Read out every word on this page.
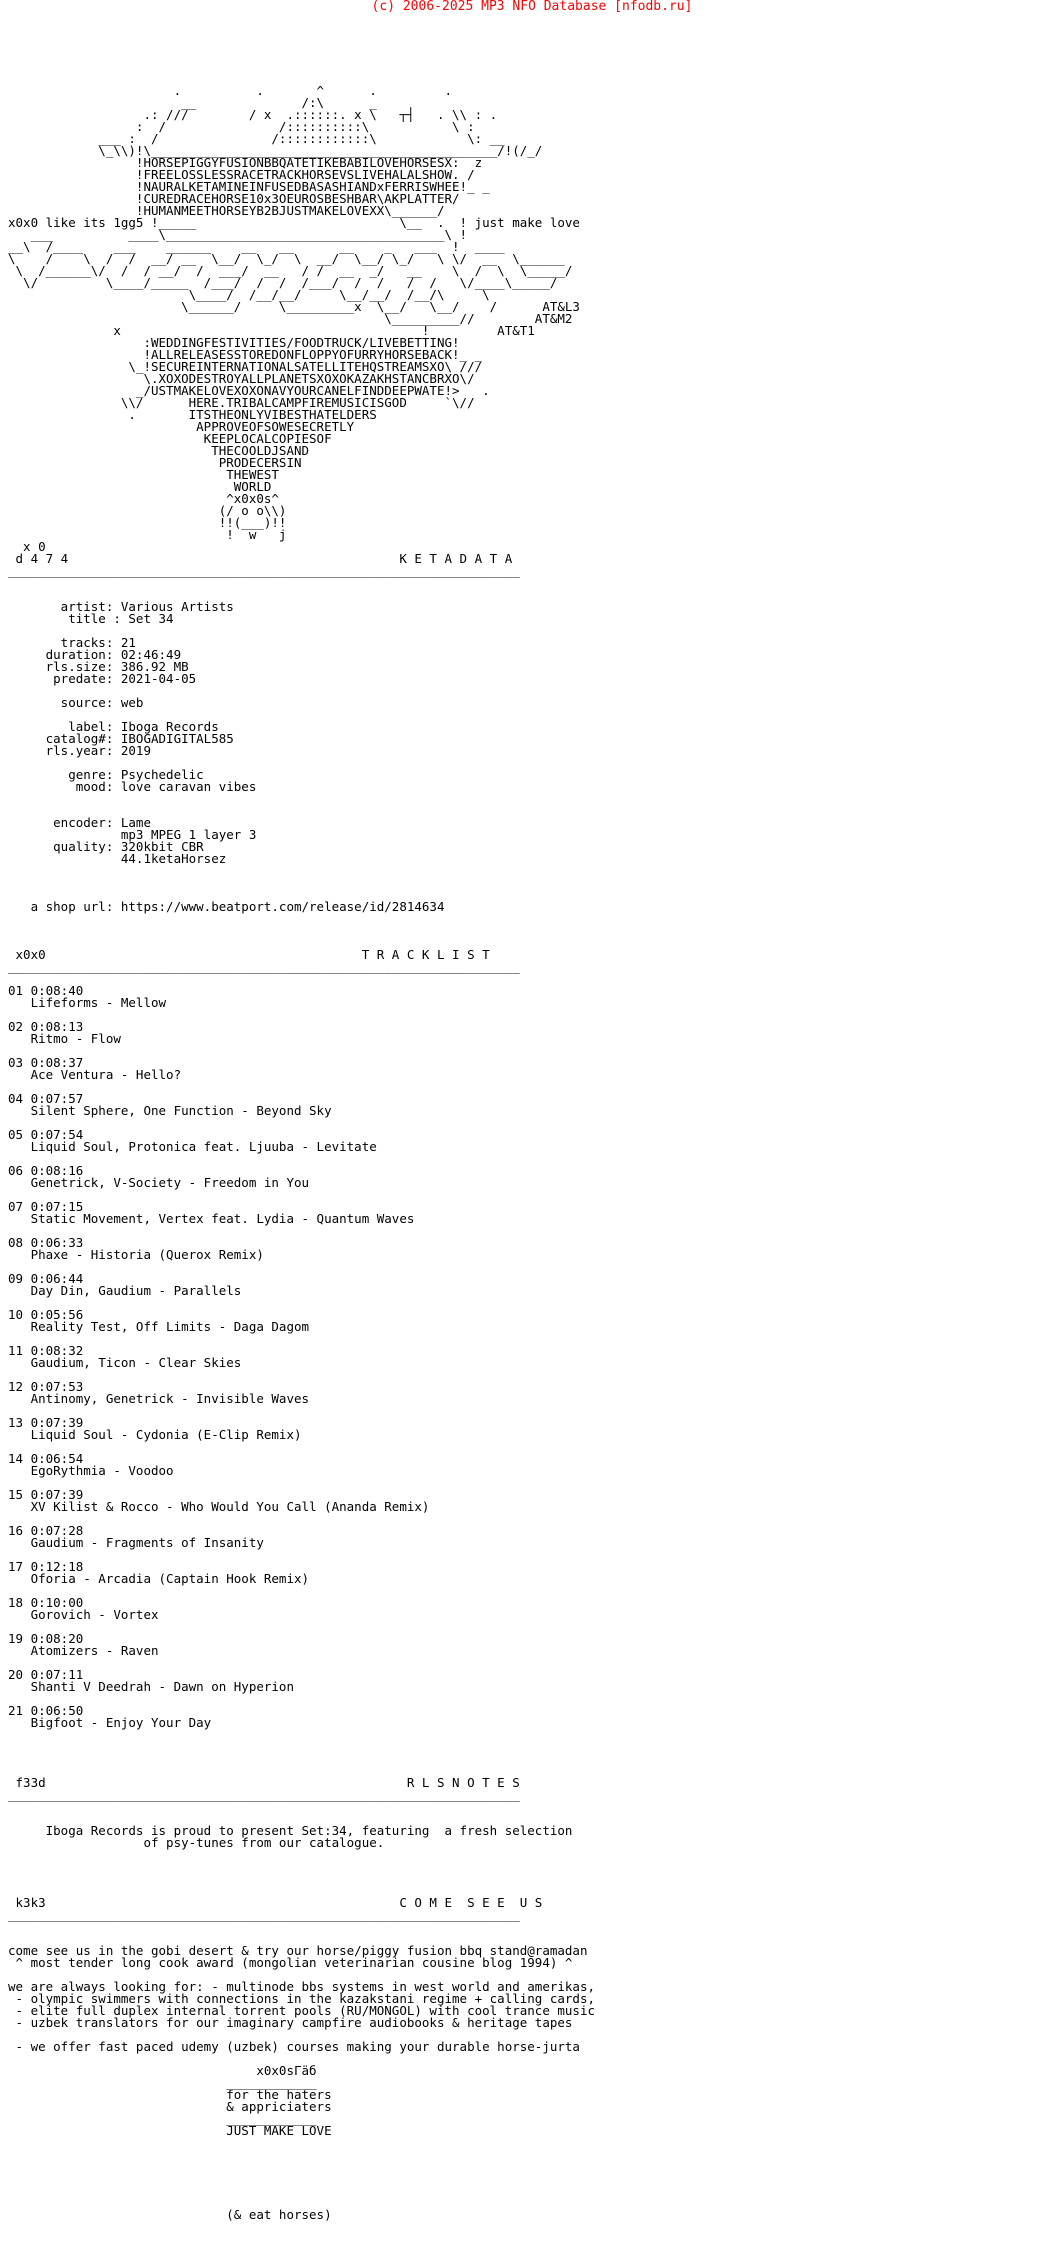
(c) 2006-2025 MP3 NFO Database [nfodb.ru]

.          .       ^      .         .
__              /:\      _
.: ///        / x  .::::::. x \   ┬┤   . \\ : .
:  /               /::::::::::\           \ :
___ :  /               /::::::::::::\            \: __
\_\\)!\______________________________________________/!(/_/
!HORSEPIGGYFUSIONBBQATETIKEBABILOVEHORSESX:  z
!FREELOSSLESSRACETRACKHORSEVSLIVEHALALSHOW. /
!NAURALKETAMINEINFUSEDBASASHIANDxFERRISWHEE!_ _
!CUREDRACEHORSE10x3OEUROSBESHBAR\AKPLATTER/
!HUMANMEETHORSEYB2BJUSTMAKELOVEXX\______/
x0x0 like its 1gg5 !_____                           \__  .  ! just make love
___          ____\_____________________________________\ !
__\  /____    ___    ______    __   __      __    _   ___  !  ____
\    /    \  /  /  __/ __  \__/  \_/  \  __/  \__/ \_/   \ \/  __  \______
\  /______\/  /  / __/  /  ___/  __   / /  __  _/   __    \  /  \  \_____/
\/         \____/_____  /___/  /  /  /___/  /  /   /  /   \/____\_____/
\____/  /__/__/     \__/__/  /__/\     \
\______/     \_________x  \__/   \__/    /      AT&L3
\_________//        AT&M2
x                                        !         AT&T1
:WEDDINGFESTIVITIES/FOODTRUCK/LIVEBETTING!
!ALLRELEASESSTOREDONFLOPPYOFURRYHORSEBACK!_ _
\_!SECUREINTERNATIONALSATELLITEHQSTREAMSXO\ ///
\.XOXODESTROYALLPLANETSXOXOKAZAKHSTANCBRXO\/
_/USTMAKELOVEXOXONAVYOURCANELFINDDEEPWATE!>   .
\\/      HERE.TRIBALCAMPFIREMUSICISGOD     `\//
.       ITSTHEONLYVIBESTHATELDERS
APPROVEOFSOWESECRETLY
KEEPLOCALCOPIESOF
THECOOLDJSAND
PRODECERSIN
THEWEST
WORLD
^x0x0s^
(/ o o\\)
!!(___)!!
!  w   j
x 0
d 4 7 4                                            K E T A D A T A
____________________________________________________________________

artist: Various Artists
title : Set 34

tracks: 21
duration: 02:46:49
rls.size: 386.92 MB
predate: 2021-04-05

source: web

label: Iboga Records
catalog#: IBOGADIGITAL585
rls.year: 2019

genre: Psychedelic
mood: love caravan vibes

encoder: Lame
mp3 MPEG 1 layer 3
quality: 320kbit CBR
44.1ketaHorsez

a shop url: https://www.beatport.com/release/id/2814634

x0x0                                          T R A C K L I S T
____________________________________________________________________

01 0:08:40
Lifeforms - Mellow

02 0:08:13
Ritmo - Flow

03 0:08:37
Ace Ventura - Hello?

04 0:07:57
Silent Sphere, One Function - Beyond Sky

05 0:07:54
Liquid Soul, Protonica feat. Ljuuba - Levitate

06 0:08:16
Genetrick, V-Society - Freedom in You

07 0:07:15
Static Movement, Vertex feat. Lydia - Quantum Waves

08 0:06:33
Phaxe - Historia (Querox Remix)

09 0:06:44
Day Din, Gaudium - Parallels

10 0:05:56
Reality Test, Off Limits - Daga Dagom

11 0:08:32
Gaudium, Ticon - Clear Skies

12 0:07:53
Antinomy, Genetrick - Invisible Waves

13 0:07:39
Liquid Soul - Cydonia (E-Clip Remix)

14 0:06:54
EgoRythmia - Voodoo

15 0:07:39
XV Kilist & Rocco - Who Would You Call (Ananda Remix)

16 0:07:28
Gaudium - Fragments of Insanity

17 0:12:18
Oforia - Arcadia (Captain Hook Remix)

18 0:10:00
Gorovich - Vortex

19 0:08:20
Atomizers - Raven

20 0:07:11
Shanti V Deedrah - Dawn on Hyperion

21 0:06:50
Bigfoot - Enjoy Your Day

f33d                                                R L S N O T E S
____________________________________________________________________

Iboga Records is proud to present Set:34, featuring  a fresh selection
of psy-tunes from our catalogue.

k3k3                                               C O M E  S E E  U S
____________________________________________________________________

come see us in the gobi desert & try our horse/piggy fusion bbq stand@ramadan
^ most tender long cook award (mongolian veterinarian cousine blog 1994) ^

we are always looking for: - multinode bbs systems in west world and amerikas,
- olympic swimmers with connections in the kazakstani regime + calling cards,
- elite full duplex internal torrent pools (RU/MONGOL) with cool trance music
- uzbek translators for our imaginary campfire audiobooks & heritage tapes

- we offer fast paced udemy (uzbek) courses making your durable horse-jurta

x0x0sГäб
____________
for the haters
& appriciaters
____________
JUST MAKE LOVE

(& eat horses)
